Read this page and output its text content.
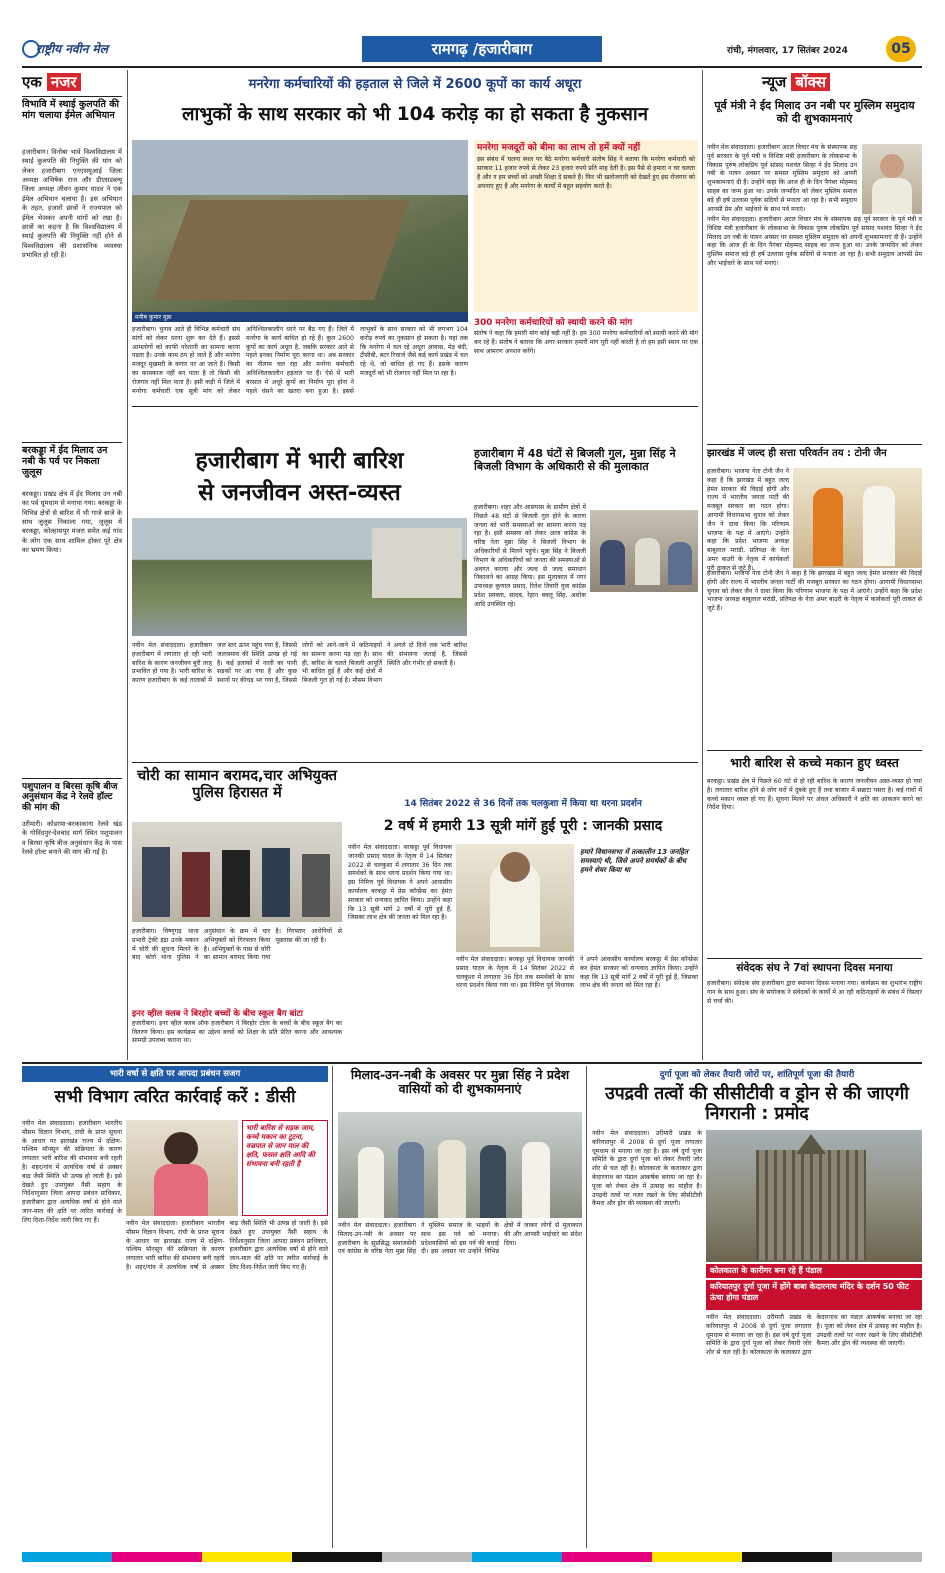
राष्ट्रीय नवीन मेल	रामगढ़ /हजारीबाग	रांची, मंगलवार, 17 सितंबर 2024	05
एक नजर
विभावि में स्थाई कुलपति की मांग चलाया ईमेल अभियान
हजारीबाग। विनोबा भावे विश्वविद्यालय में स्थाई कुलपति की नियुक्ति की मांग को लेकर हजारीबाग एनएसयूआई जिला अध्यक्ष अभिषेक राज और डीएसडब्ल्यू जिला अध्यक्ष जीवन कुमार यादव ने एक ईमेल अभियान चलाया है। इस अभियान के तहत, हजारों छात्रों ने राज्यपाल को ईमेल भेजकर अपनी मांगों को रखा है। छात्रों का कहना है कि विश्वविद्यालय में स्थाई कुलपति की नियुक्ति नहीं होने से विश्वविद्यालय की प्रशासनिक व्यवस्था प्रभावित हो रही है।
बरकड्डा में ईद मिलाद उन नबी के पर्व पर निकला जुलूस
बरकड्डा। प्रखंड क्षेत्र में ईद मिलाद उन नबी का पर्व धूमधाम से मनाया गया। बरकड्डा के विभिन्न क्षेत्रों से बारिश में भी गाजे बाजे के साथ जुलूस निकाला गया, जुलूस में बरकड्डा, कोल्हासपुर मंजरा समेत कई गांव के लोग एक साथ शामिल होकर पूरे क्षेत्र का भ्रमण किया।
पशुपालन व बिरसा कृषि बीज अनुसंधान केंद्र ने रेलवे हॉल्ट की मांग की
उरीमारी। कोडरमा-बरकाकाना रेलवे खंड के गोविंदपुर-देवचांद मार्ग स्थित पशुपालन व बिरसा कृषि बीज अनुसंधान केंद्र के पास रेलवे हॉल्ट बनाने की मांग की गई है।
मनरेगा कर्मचारियों की हड़ताल से जिले में 2600 कूपों का कार्य अधूरा
लाभुकों के साथ सरकार को भी 104 करोड़ का हो सकता है नुकसान
मनीष कुमार मुन्ना
मनरेगा मजदूरों को बीमा का लाभ तो हमें क्यों नहीं
इस संबंध में चलना स्थल पर बैठे मनरेगा कर्मचारी संतोष सिंह ने बताया कि मनरेगा कर्मचारी को सरकार 11 हजार रुपये से लेकर 23 हजार रुपये प्रति माह देती है। इस पैसे से हमारा न घर चलता है और न हम बच्चों को अच्छी शिक्षा दे सकते हैं। फिर भी खतोजगारी को देखते हुए इस रोजगार को अपनाए हुए हैं और मनरेगा के कार्यों में बहुत सहयोग करते हैं।
300 मनरेगा कर्मचारियों को स्थायी करने की मांग
संतोष ने कहा कि हमारी मांग कोई बड़ी नहीं है। हम 300 मनरेगा कर्मचारियों को स्थायी करने की मांग कर रहे हैं। संतोष ने बताया कि अगर सरकार हमारी मांग पूरी नहीं करती है तो हम इसी स्थान पर एक साथ आमरण अनशन करेंगे।
हजारीबाग। चुनाव आते ही विभिन्न कर्मचारी संघ मांगों को लेकर धरना शुरू कर देते हैं। इससे आमलोगों को काफी परेशानी का सामना करना पड़ता है। उनके काम ठप हो जाते हैं और मनरेगा मजदूर मुखमरी के कगार पर आ जाते हैं। किसी का कामकाज नहीं बन पाता है तो किसी की रोजगार नहीं मिल पाता है। इसी कड़ी में जिले में मनरेगा कर्मचारी एक सूत्री मांग को लेकर अनिश्चितकालीन धरने पर बैठ गए हैं। जिले में मनरेगा के कार्य बाधित हो रहे हैं। कुल 2600 कूपों का कार्य अधूरा है, जबकि सरकार आने से पहले इनका निर्माण पूरा करना था। अब सरकार का नीलाम चल रहा और मनरेगा कर्मचारी अनिश्चितकालीन हड़ताल पर हैं। ऐसे में भारी बरसात में अधूरे कूपों का निर्माण पूरा होना ने पहले धंसने का खतरा बना हुआ है। इससे लाभुकों के साथ सरकार को भी लगभग 104 करोड़ रुपये का नुकसान हो सकता है। यहां तक कि मनरेगा में चल रहे अधूरा आवास, मेड़ बंदी, टीसीबी, बटर रिचार्ज जैसे कई कार्य प्रखंड में चल रहे थे, जो बाधित हो गए हैं। इसके कारण मजदूरों को भी रोजगार नहीं मिल पा रहा है।
हजारीबाग में भारी बारिश
से जनजीवन अस्त-व्यस्त
नवीन मेल संवाददाता। हजारीबाग हजारीबाग में लगातार हो रही भारी बारिश के कारण जनजीवन बुरी तरह प्रभावित हो गया है। भारी बारिश के कारण हजारीबाग के कई तालाबों में जल स्तर ऊपर पहुंच गया है, जिससे जलजमाव की स्थिति उत्पन्न हो गई है। कई इलाकों में नाली का पानी सड़कों पर आ गया है और कुछ स्थानों पर कीचड़ भर गया है, जिससे लोगों को आने-जाने में कठिनाइयों का सामना करना पड़ रहा है। साथ ही, बारिश के चलते बिजली आपूर्ति भी बाधित हुई है और कई क्षेत्रों में बिजली गुल हो गई है। मौसम विभाग ने अगले दो दिनों तक भारी बारिश की संभावना जताई है, जिससे स्थिति और गंभीर हो सकती है।
हजारीबाग में 48 घंटों से बिजली गुल, मुन्ना सिंह ने बिजली विभाग के अधिकारी से की मुलाकात
हजारीबाग। शहर और आसपास के ग्रामीण क्षेत्रों में पिछले 48 घंटों से बिजली गुल होने के कारण जनता को भारी समस्याओं का सामना करना पड़ रहा है। इसी समस्या को लेकर आज कांग्रेस के वरिष्ठ नेता मुन्ना सिंह ने बिजली विभाग के अधिकारियों से मिलने पहुंचे। मुन्ना सिंह ने बिजली विभाग के अधिकारियों को जनता की समस्याओं से अवगत कराया और जल्द से जल्द समाधान निकालने का आग्रह किया। इस मुलाकात में नगर उपाध्यक्ष कुणाल प्रसाद, रितेश तिवारी युवा कांग्रेस प्रदेश प्रवक्ता, सादब, रेहान बबलू सिंह, अशोक आदि उपस्थित रहे।
चोरी का सामान बरामद,चार अभियुक्त पुलिस हिरासत में
हजारीबाग। विष्णुगढ़ थाना प्रभारी ट्रेकी इंद्रा उनके मकान में चोरी की सूचना मिलने के बाद कोर्रा थाना पुलिस ने अनुसंधान के क्रम में चार अभियुक्तों को गिरफ्तार किया है। अभियुक्तों के पास से चोरी का सामान बरामद किया गया है। गिरफ्तार आरोपियों से पूछताछ की जा रही है।
इनर व्हील क्लब ने बिरहोर बच्चों के बीच स्कूल बैग बांटा
हजारीबाग। इनर व्हील क्लब ऑफ हजारीबाग ने बिरहोर टोला के बच्चों के बीच स्कूल बैग का वितरण किया। इस कार्यक्रम का उद्देश्य बच्चों को शिक्षा के प्रति प्रेरित करना और आवश्यक सामग्री उपलब्ध कराना था।
14 सितंबर 2022 से 36 दिनों तक चलकुशा में किया था धरना प्रदर्शन
2 वर्ष में हमारी 13 सूत्री मांगें हुई पूरी : जानकी प्रसाद
हमारे विधानसभा में तत्कालीन 13 जनहित समस्याएं थी, जिसे अपने समर्थकों के बीच हमने शेयर किया था
नवीन मेल संवाददाता। बरकट्ठा पूर्व विधायक जानकी प्रसाद यादव के नेतृत्व में 14 सितंबर 2022 से चलकुशा में लगातार 36 दिन तक समर्थकों के साथ धरना प्रदर्शन किया गया था। इस निमित्त पूर्व विधायक ने अपने आवासीय कार्यालय बरकट्ठा में प्रेस कॉन्फ्रेंस कर हेमंत सरकार को धन्यवाद ज्ञापित किया। उन्होंने कहा कि 13 सूत्री मांगें 2 वर्षों में पूरी हुई हैं, जिसका लाभ क्षेत्र की जनता को मिल रहा है।
नवीन मेल संवाददाता। बरकट्ठा पूर्व विधायक जानकी प्रसाद यादव के नेतृत्व में 14 सितंबर 2022 से चलकुशा में लगातार 36 दिन तक समर्थकों के साथ धरना प्रदर्शन किया गया था। इस निमित्त पूर्व विधायक ने अपने आवासीय कार्यालय बरकट्ठा में प्रेस कॉन्फ्रेंस कर हेमंत सरकार को धन्यवाद ज्ञापित किया। उन्होंने कहा कि 13 सूत्री मांगें 2 वर्षों में पूरी हुई हैं, जिसका लाभ क्षेत्र की जनता को मिल रहा है।
न्यूज बॉक्स
पूर्व मंत्री ने ईद मिलाद उन नबी पर मुस्लिम समुदाय को दी शुभकामनाएं
नवीन मेल संवाददाता। हजारीबाग अटल विचार मंच के संस्थापक सह पूर्व सरकार के पूर्व मंत्री व विशिष्ट मंत्री हजारीबाग के लोकसभा के विकास पुरुष लोकप्रिय पूर्व सांसद यशवंत सिन्हा ने ईद मिलाद उन नबी के पावन अवसर पर समस्त मुस्लिम समुदाय को अपनी शुभकामनाएं दी हैं। उन्होंने कहा कि आज ही के दिन पैगंबर मोहम्मद साहब का जन्म हुआ था। उनके जन्मदिन को लेकर मुस्लिम समाज बड़े ही हर्ष उल्लास पूर्वक सदियों से मनाता आ रहा है। सभी समुदाय आपसी प्रेम और भाईचारे के साथ पर्व मनाएं।
नवीन मेल संवाददाता। हजारीबाग अटल विचार मंच के संस्थापक सह पूर्व सरकार के पूर्व मंत्री व विशिष्ट मंत्री हजारीबाग के लोकसभा के विकास पुरुष लोकप्रिय पूर्व सांसद यशवंत सिन्हा ने ईद मिलाद उन नबी के पावन अवसर पर समस्त मुस्लिम समुदाय को अपनी शुभकामनाएं दी हैं। उन्होंने कहा कि आज ही के दिन पैगंबर मोहम्मद साहब का जन्म हुआ था। उनके जन्मदिन को लेकर मुस्लिम समाज बड़े ही हर्ष उल्लास पूर्वक सदियों से मनाता आ रहा है। सभी समुदाय आपसी प्रेम और भाईचारे के साथ पर्व मनाएं।
झारखंड में जल्द ही सत्ता परिवर्तन तय : टोनी जैन
हजारीबाग। भाजपा नेता टोनी जैन ने कहा है कि झारखंड में बहुत जल्द हेमंत सरकार की विदाई होगी और राज्य में भारतीय जनता पार्टी की मजबूत सरकार का गठन होगा। आगामी विधानसभा चुनाव को लेकर जैन ने दावा किया कि परिणाम भाजपा के पक्ष में आएंगे। उन्होंने कहा कि प्रदेश भाजपा अध्यक्ष बाबूलाल मरांडी, प्रतिपक्ष के नेता अमर बाउरी के नेतृत्व में कार्यकर्ता पूरी ताकत से जुटे हैं।
हजारीबाग। भाजपा नेता टोनी जैन ने कहा है कि झारखंड में बहुत जल्द हेमंत सरकार की विदाई होगी और राज्य में भारतीय जनता पार्टी की मजबूत सरकार का गठन होगा। आगामी विधानसभा चुनाव को लेकर जैन ने दावा किया कि परिणाम भाजपा के पक्ष में आएंगे। उन्होंने कहा कि प्रदेश भाजपा अध्यक्ष बाबूलाल मरांडी, प्रतिपक्ष के नेता अमर बाउरी के नेतृत्व में कार्यकर्ता पूरी ताकत से जुटे हैं।
भारी बारिश से कच्चे मकान हुए ध्वस्त
बरकट्ठा। प्रखंड क्षेत्र में पिछले 60 घंटे से हो रही बारिश के कारण जनजीवन अस्त-व्यस्त हो गया है। लगातार बारिश होने से लोग घरों में दुबके हुए हैं तथा बाजार में सन्नाटा पसरा है। कई गांवों में कच्चे मकान ध्वस्त हो गए हैं। सूचना मिलने पर अंचल अधिकारी ने क्षति का आकलन करने का निर्देश दिया।
संवेदक संघ ने 7वां स्थापना दिवस मनाया
हजारीबाग। संवेदक संघ हजारीबाग द्वारा स्थापना दिवस मनाया गया। कार्यक्रम का शुभारंभ राष्ट्रीय गान के साथ हुआ। संघ के संयोजक ने संवेदकों के कार्यों में आ रही कठिनाइयों के संबंध में विस्तार से चर्चा की।
भारी वर्षा से क्षति पर आपदा प्रबंधन सजग
सभी विभाग त्वरित कार्रवाई करें : डीसी
नवीन मेल संवाददाता। हजारीबाग भारतीय मौसम विज्ञान विभाग, रांची के प्राप्त सूचना के आधार पर झारखंड राज्य में दक्षिण-पश्चिम मॉनसून की सक्रियता के कारण लगातार भारी बारिश की संभावना बनी रहती है। शहर/गांव में अत्यधिक वर्षा से अक्सर बाढ़ जैसी स्थिति भी उत्पन्न हो जाती है। इसे देखते हुए उपायुक्त नैंसी सहाय के निर्देशानुसार जिला आपदा प्रबंधन प्राधिकार, हजारीबाग द्वारा अत्यधिक वर्षा से होने वाले जान-माल की क्षति पर त्वरित कार्रवाई के लिए दिशा-निर्देश जारी किए गए हैं।
भारी बारिश से सड़क जाम, कच्चे मकान का टूटना, वज्रपात से जान माल की क्षति, फसल क्षति आदि की संभावना बनी रहती है
नवीन मेल संवाददाता। हजारीबाग भारतीय मौसम विज्ञान विभाग, रांची के प्राप्त सूचना के आधार पर झारखंड राज्य में दक्षिण-पश्चिम मॉनसून की सक्रियता के कारण लगातार भारी बारिश की संभावना बनी रहती है। शहर/गांव में अत्यधिक वर्षा से अक्सर बाढ़ जैसी स्थिति भी उत्पन्न हो जाती है। इसे देखते हुए उपायुक्त नैंसी सहाय के निर्देशानुसार जिला आपदा प्रबंधन प्राधिकार, हजारीबाग द्वारा अत्यधिक वर्षा से होने वाले जान-माल की क्षति पर त्वरित कार्रवाई के लिए दिशा-निर्देश जारी किए गए हैं।
मिलाद-उन-नबी के अवसर पर मुन्ना सिंह ने प्रदेश वासियों को दी शुभकामनाएं
नवीन मेल संवाददाता। हजारीबाग मिलाद-उन-नबी के अवसर पर हजारीबाग के सुप्रसिद्ध समाजसेवी एवं कांग्रेस के वरिष्ठ नेता मुन्ना सिंह ने मुस्लिम समाज के भाइयों के साथ इस पर्व को मनाया। प्रदेशवासियों को इस पर्व की बधाई दी। इस अवसर पर उन्होंने विभिन्न क्षेत्रों में जाकर लोगों से मुलाकात की और आपसी भाईचारे का संदेश दिया।
दुर्गा पूजा को लेकर तैयारी जोरों पर, शांतिपूर्ण पूजा की तैयारी
उपद्रवी तत्वों की सीसीटीवी व ड्रोन से की जाएगी निगरानी : प्रमोद
नवीन मेल संवाददाता। उरीमारी प्रखंड के करियातपुर में 2008 से दुर्गा पूजा लगातार धूमधाम से मनाया जा रहा है। इस वर्ष दुर्गा पूजा समिति के द्वारा दुर्गा पूजा को लेकर तैयारी जोर शोर से चल रही है। कोलकाता के कलाकार द्वारा केदारनाथ का पंडाल आकर्षक बनाया जा रहा है। पूजा को लेकर क्षेत्र में उत्साह का माहौल है। उपद्रवी तत्वों पर नजर रखने के लिए सीसीटीवी कैमरा और ड्रोन की व्यवस्था की जाएगी।
कोलकाता के कारीगर बना रहे हैं पंडाल
करियातपुर दुर्गा पूजा में होंगे बाबा केदारनाथ मंदिर के दर्शन 50 फीट ऊंचा होगा पंडाल
नवीन मेल संवाददाता। उरीमारी प्रखंड के करियातपुर में 2008 से दुर्गा पूजा लगातार धूमधाम से मनाया जा रहा है। इस वर्ष दुर्गा पूजा समिति के द्वारा दुर्गा पूजा को लेकर तैयारी जोर शोर से चल रही है। कोलकाता के कलाकार द्वारा केदारनाथ का पंडाल आकर्षक बनाया जा रहा है। पूजा को लेकर क्षेत्र में उत्साह का माहौल है। उपद्रवी तत्वों पर नजर रखने के लिए सीसीटीवी कैमरा और ड्रोन की व्यवस्था की जाएगी।
